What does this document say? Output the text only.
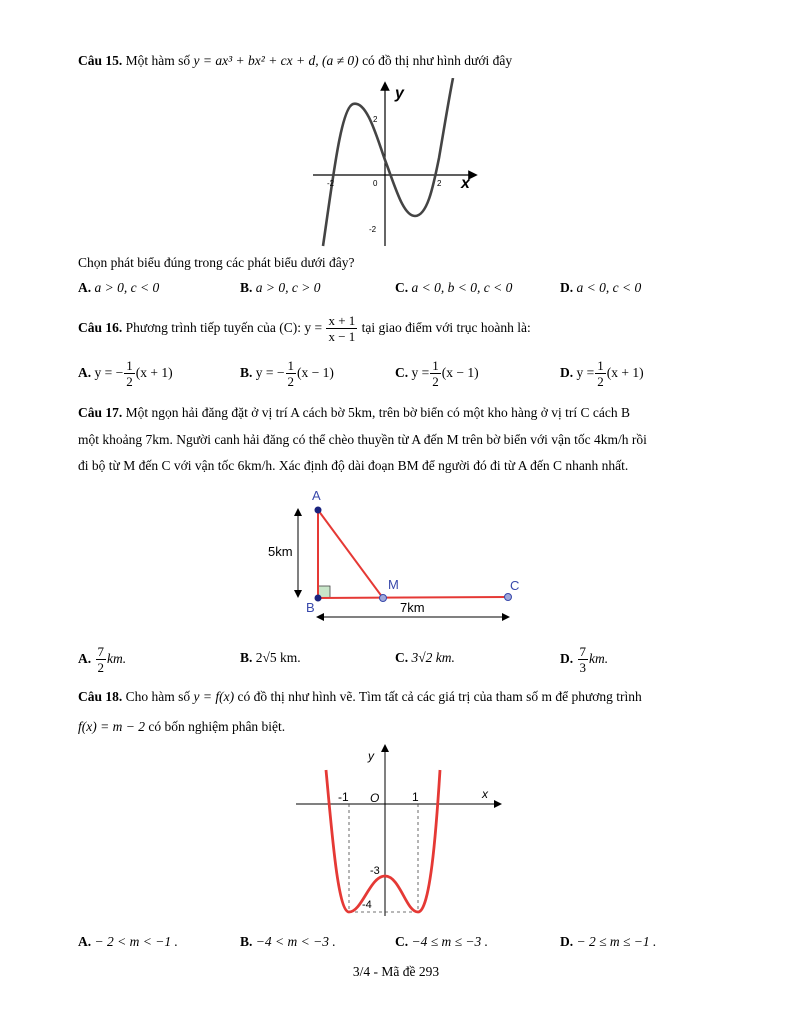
Câu 15. Một hàm số y = ax³ + bx² + cx + d, (a ≠ 0) có đồ thị như hình dưới đây
y
x
2
-2
0	2
-2
Chọn phát biểu đúng trong các phát biểu dưới đây?
A. a > 0, c < 0	B. a > 0, c > 0	C. a < 0, b < 0, c < 0	D. a < 0, c < 0
Câu 16. Phương trình tiếp tuyến của (C): $y = \frac{x + 1}{x - 1}$ tại giao điểm với trục hoành là:
A. y = − $\frac{1}{2} (x + 1)$	B. y = − $\frac{1}{2} (x - 1)$	C. $y = \frac{1}{2} (x - 1)$	D. $y = \frac{1}{2} (x + 1)$
Câu 17. Một ngọn hải đăng đặt ở vị trí A cách bờ 5km, trên bờ biển có một kho hàng ở vị trí C cách B
một khoảng 7km. Người canh hải đăng có thể chèo thuyền từ A đến M trên bờ biển với vận tốc 4km/h rồi
đi bộ từ M đến C với vận tốc 6km/h. Xác định độ dài đoạn BM để người đó đi từ A đến C nhanh nhất.
A
B
M	C
5km
7km
A. $\frac{7}{2}$ km.	B. 2√5 km.	C. 3√2 km.	D. $\frac{7}{3}$ km.
Câu 18. Cho hàm số y = f(x) có đồ thị như hình vẽ. Tìm tất cả các giá trị của tham số m để phương trình
f(x) = m − 2 có bốn nghiệm phân biệt.
y
x
O
-1	1
-3
-4
A. − 2 < m < −1 .	B. −4 < m < −3 .	C. −4 ≤ m ≤ −3 .	D. − 2 ≤ m ≤ −1 .
3/4 - Mã đề 293
